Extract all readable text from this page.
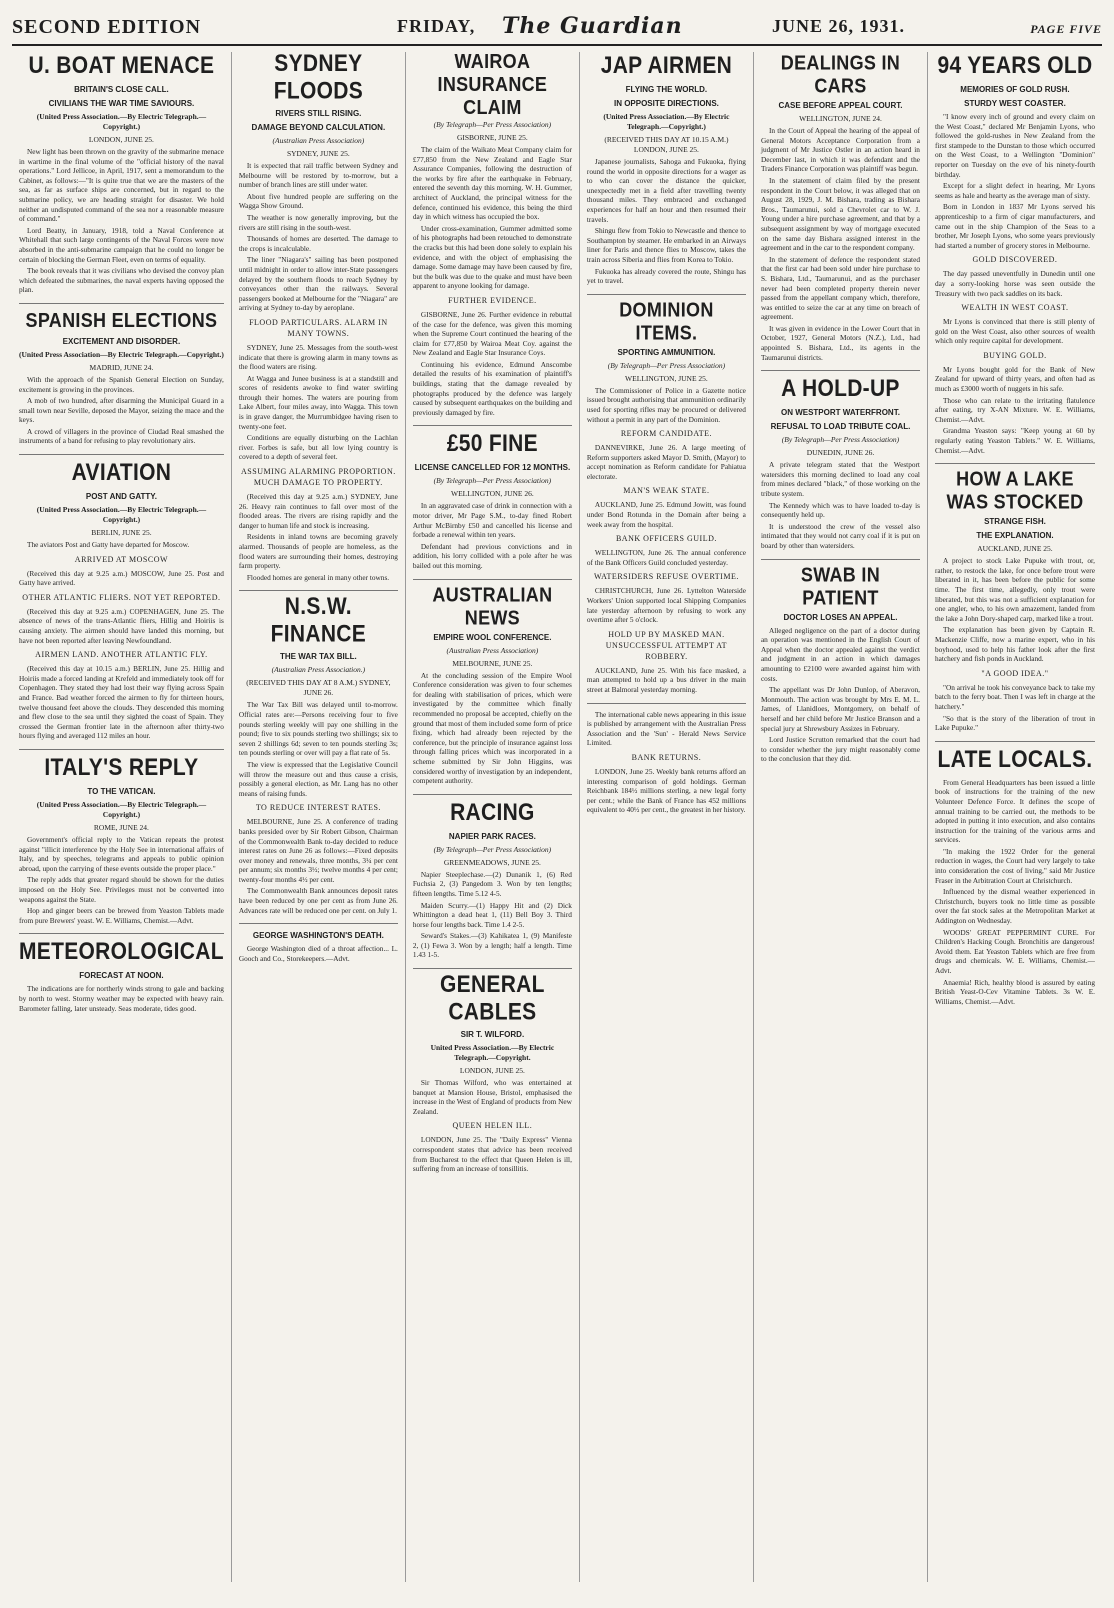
SECOND EDITION	FRIDAY, The Guardian	JUNE 26, 1931.	PAGE FIVE
U. BOAT MENACE
BRITAIN'S CLOSE CALL.
CIVILIANS THE WAR TIME SAVIOURS.
(United Press Association.—By Electric Telegraph.—Copyright.)
LONDON, JUNE 25.
New light has been thrown on the gravity of the submarine menace in wartime in the final volume of the "official history of the naval operations." Lord Jellicoe, in April, 1917, sent a memorandum to the Cabinet, as follows:—"It is quite true that we are the masters of the sea, as far as surface ships are concerned, but in regard to the submarine policy, we are heading straight for disaster. We hold neither an undisputed command of the sea nor a reasonable measure of command."
Lord Beatty, in January, 1918, told a Naval Conference at Whitehall that such large contingents of the Naval Forces were now absorbed in the anti-submarine campaign that he could no longer be certain of blocking the German Fleet, even on terms of equality.
The book reveals that it was civilians who devised the convoy plan which defeated the submarines, the naval experts having opposed the plan.
SPANISH ELECTIONS
EXCITEMENT AND DISORDER.
(United Press Association—By Electric Telegraph.—Copyright.)
MADRID, JUNE 24.
With the approach of the Spanish General Election on Sunday, excitement is growing in the provinces.
A mob of two hundred, after disarming the Municipal Guard in a small town near Seville, deposed the Mayor, seizing the mace and the keys.
A crowd of villagers in the province of Ciudad Real smashed the instruments of a band for refusing to play revolutionary airs.
AVIATION
POST AND GATTY.
(United Press Association.—By Electric Telegraph.—Copyright.)
BERLIN, JUNE 25.
The aviators Post and Gatty have departed for Moscow.
ARRIVED AT MOSCOW
(Received this day at 9.25 a.m.) MOSCOW, June 25. Post and Gatty have arrived.
OTHER ATLANTIC FLIERS. NOT YET REPORTED.
(Received this day at 9.25 a.m.) COPENHAGEN, June 25. The absence of news of the trans-Atlantic fliers, Hillig and Hoiriis is causing anxiety. The airmen should have landed this morning, but have not been reported after leaving Newfoundland.
AIRMEN LAND. ANOTHER ATLANTIC FLY.
(Received this day at 10.15 a.m.) BERLIN, June 25. Hillig and Hoiriis made a forced landing at Krefeld and immediately took off for Copenhagen. They stated they had lost their way flying across Spain and France. Bad weather forced the airmen to fly for thirteen hours, twelve thousand feet above the clouds. They descended this morning and flew close to the sea until they sighted the coast of Spain. They crossed the German frontier late in the afternoon after thirty-two hours flying and averaged 112 miles an hour.
ITALY'S REPLY
TO THE VATICAN.
(United Press Association.—By Electric Telegraph.—Copyright.)
ROME, JUNE 24.
Government's official reply to the Vatican repeats the protest against "illicit interference by the Holy See in international affairs of Italy, and by speeches, telegrams and appeals to public opinion abroad, upon the carrying of these events outside the proper place."
The reply adds that greater regard should be shown for the duties imposed on the Holy See. Privileges must not be converted into weapons against the State.
Hop and ginger beers can be brewed from Yeaston Tablets made from pure Brewers' yeast. W. E. Williams, Chemist.—Advt.
METEOROLOGICAL
FORECAST AT NOON.
The indications are for northerly winds strong to gale and backing by north to west. Stormy weather may be expected with heavy rain. Barometer falling, later unsteady. Seas moderate, tides good.
SYDNEY FLOODS
RIVERS STILL RISING.
DAMAGE BEYOND CALCULATION.
(Australian Press Association)
SYDNEY, JUNE 25.
It is expected that rail traffic between Sydney and Melbourne will be restored by to-morrow, but a number of branch lines are still under water.
About five hundred people are suffering on the Wagga Show Ground.
The weather is now generally improving, but the rivers are still rising in the south-west.
Thousands of homes are deserted. The damage to the crops is incalculable.
The liner "Niagara's" sailing has been postponed until midnight in order to allow inter-State passengers delayed by the southern floods to reach Sydney by conveyances other than the railways. Several passengers booked at Melbourne for the "Niagara" are arriving at Sydney to-day by aeroplane.
FLOOD PARTICULARS. ALARM IN MANY TOWNS.
SYDNEY, June 25. Messages from the south-west indicate that there is growing alarm in many towns as the flood waters are rising.
At Wagga and Junee business is at a standstill and scores of residents awoke to find water swirling through their homes. The waters are pouring from Lake Albert, four miles away, into Wagga. This town is in grave danger, the Murrumbidgee having risen to twenty-one feet.
Conditions are equally disturbing on the Lachlan river. Forbes is safe, but all low lying country is covered to a depth of several feet.
ASSUMING ALARMING PROPORTION. MUCH DAMAGE TO PROPERTY.
(Received this day at 9.25 a.m.) SYDNEY, June 26. Heavy rain continues to fall over most of the flooded areas. The rivers are rising rapidly and the danger to human life and stock is increasing.
Residents in inland towns are becoming gravely alarmed. Thousands of people are homeless, as the flood waters are surrounding their homes, destroying farm property.
Flooded homes are general in many other towns.
N.S.W. FINANCE
THE WAR TAX BILL.
(Australian Press Association.)
(RECEIVED THIS DAY AT 8 A.M.) SYDNEY, JUNE 26.
The War Tax Bill was delayed until to-morrow. Official rates are:—Persons receiving four to five pounds sterling weekly will pay one shilling in the pound; five to six pounds sterling two shillings; six to seven 2 shillings 6d; seven to ten pounds sterling 3s; ten pounds sterling or over will pay a flat rate of 5s.
The view is expressed that the Legislative Council will throw the measure out and thus cause a crisis, possibly a general election, as Mr. Lang has no other means of raising funds.
TO REDUCE INTEREST RATES.
MELBOURNE, June 25. A conference of trading banks presided over by Sir Robert Gibson, Chairman of the Commonwealth Bank to-day decided to reduce interest rates on June 26 as follows:—Fixed deposits over money and renewals, three months, 3¼ per cent per annum; six months 3½; twelve months 4 per cent; twenty-four months 4½ per cent.
The Commonwealth Bank announces deposit rates have been reduced by one per cent as from June 26. Advances rate will be reduced one per cent. on July 1.
GEORGE WASHINGTON'S DEATH.
George Washington died of a throat affection... L. Gooch and Co., Storekeepers.—Advt.
WAIROA INSURANCE CLAIM
(By Telegraph—Per Press Association)
GISBORNE, JUNE 25.
The claim of the Waikato Meat Company claim for £77,850 from the New Zealand and Eagle Star Assurance Companies, following the destruction of the works by fire after the earthquake in February, entered the seventh day this morning. W. H. Gummer, architect of Auckland, the principal witness for the defence, continued his evidence, this being the third day in which witness has occupied the box.
Under cross-examination, Gummer admitted some of his photographs had been retouched to demonstrate the cracks but this had been done solely to explain his evidence, and with the object of emphasising the damage. Some damage may have been caused by fire, but the bulk was due to the quake and must have been apparent to anyone looking for damage.
FURTHER EVIDENCE.
GISBORNE, June 26. Further evidence in rebuttal of the case for the defence, was given this morning when the Supreme Court continued the hearing of the claim for £77,850 by Wairoa Meat Coy. against the New Zealand and Eagle Star Insurance Coys.
Continuing his evidence, Edmund Anscombe detailed the results of his examination of plaintiff's buildings, stating that the damage revealed by photographs produced by the defence was largely caused by subsequent earthquakes on the building and previously damaged by fire.
£50 FINE
LICENSE CANCELLED FOR 12 MONTHS.
(By Telegraph—Per Press Association)
WELLINGTON, JUNE 26.
In an aggravated case of drink in connection with a motor driver, Mr Page S.M., to-day fined Robert Arthur McBirnby £50 and cancelled his license and forbade a renewal within ten years.
Defendant had previous convictions and in addition, his lorry collided with a pole after he was bailed out this morning.
AUSTRALIAN NEWS
EMPIRE WOOL CONFERENCE.
(Australian Press Association)
MELBOURNE, JUNE 25.
At the concluding session of the Empire Wool Conference consideration was given to four schemes for dealing with stabilisation of prices, which were investigated by the committee which finally recommended no proposal be accepted, chiefly on the ground that most of them included some form of price fixing, which had already been rejected by the conference, but the principle of insurance against loss through falling prices which was incorporated in a scheme submitted by Sir John Higgins, was considered worthy of investigation by an independent, competent authority.
RACING
NAPIER PARK RACES.
(By Telegraph—Per Press Association)
GREENMEADOWS, JUNE 25.
Napier Steeplechase.—(2) Dunanik 1, (6) Red Fuchsia 2, (3) Pangedom 3. Won by ten lengths; fifteen lengths. Time 5.12 4-5.
Maiden Scurry.—(1) Happy Hit and (2) Dick Whittington a dead heat 1, (11) Bell Boy 3. Third horse four lengths back. Time 1.4 2-5.
Seward's Stakes.—(3) Kahikatea 1, (9) Manifeste 2, (1) Fewa 3. Won by a length; half a length. Time 1.43 1-5.
GENERAL CABLES
SIR T. WILFORD.
United Press Association.—By Electric Telegraph.—Copyright.
LONDON, JUNE 25.
Sir Thomas Wilford, who was entertained at banquet at Mansion House, Bristol, emphasised the increase in the West of England of products from New Zealand.
QUEEN HELEN ILL.
LONDON, June 25. The "Daily Express" Vienna correspondent states that advice has been received from Bucharest to the effect that Queen Helen is ill, suffering from an increase of tonsillitis.
JAP AIRMEN
FLYING THE WORLD.
IN OPPOSITE DIRECTIONS.
(United Press Association.—By Electric Telegraph.—Copyright.)
(RECEIVED THIS DAY AT 10.15 A.M.) LONDON, JUNE 25.
Japanese journalists, Sahoga and Fukuoka, flying round the world in opposite directions for a wager as to who can cover the distance the quicker, unexpectedly met in a field after travelling twenty thousand miles. They embraced and exchanged experiences for half an hour and then resumed their travels.
Shingu flew from Tokio to Newcastle and thence to Southampton by steamer. He embarked in an Airways liner for Paris and thence flies to Moscow, takes the train across Siberia and flies from Korea to Tokio.
Fukuoka has already covered the route, Shingu has yet to travel.
DOMINION ITEMS.
SPORTING AMMUNITION.
(By Telegraph—Per Press Association)
WELLINGTON, JUNE 25.
The Commissioner of Police in a Gazette notice issued brought authorising that ammunition ordinarily used for sporting rifles may be procured or delivered without a permit in any part of the Dominion.
REFORM CANDIDATE.
DANNEVIRKE, June 26. A large meeting of Reform supporters asked Mayor D. Smith, (Mayor) to accept nomination as Reform candidate for Pahiatua electorate.
MAN'S WEAK STATE.
AUCKLAND, June 25. Edmund Jowitt, was found under Bond Rotunda in the Domain after being a week away from the hospital.
BANK OFFICERS GUILD.
WELLINGTON, June 26. The annual conference of the Bank Officers Guild concluded yesterday.
WATERSIDERS REFUSE OVERTIME.
CHRISTCHURCH, June 26. Lyttelton Waterside Workers' Union supported local Shipping Companies late yesterday afternoon by refusing to work any overtime after 5 o'clock.
HOLD UP BY MASKED MAN. UNSUCCESSFUL ATTEMPT AT ROBBERY.
AUCKLAND, June 25. With his face masked, a man attempted to hold up a bus driver in the main street at Balmoral yesterday morning.
The international cable news appearing in this issue is published by arrangement with the Australian Press Association and the 'Sun' - Herald News Service Limited.
BANK RETURNS.
LONDON, June 25. Weekly bank returns afford an interesting comparison of gold holdings. German Reichbank 184½ millions sterling, a new legal forty per cent.; while the Bank of France has 452 millions equivalent to 40½ per cent., the greatest in her history.
DEALINGS IN CARS
CASE BEFORE APPEAL COURT.
WELLINGTON, JUNE 24.
In the Court of Appeal the hearing of the appeal of General Motors Acceptance Corporation from a judgment of Mr Justice Ostler in an action heard in December last, in which it was defendant and the Traders Finance Corporation was plaintiff was begun.
In the statement of claim filed by the present respondent in the Court below, it was alleged that on August 28, 1929, J. M. Bishara, trading as Bishara Bros., Taumarunui, sold a Chevrolet car to W. J. Young under a hire purchase agreement, and that by a subsequent assignment by way of mortgage executed on the same day Bishara assigned interest in the agreement and in the car to the respondent company.
In the statement of defence the respondent stated that the first car had been sold under hire purchase to S. Bishara, Ltd., Taumarunui, and as the purchaser never had been completed property therein never passed from the appellant company which, therefore, was entitled to seize the car at any time on breach of agreement.
It was given in evidence in the Lower Court that in October, 1927, General Motors (N.Z.), Ltd., had appointed S. Bishara, Ltd., its agents in the Taumarunui districts.
A HOLD-UP
ON WESTPORT WATERFRONT.
REFUSAL TO LOAD TRIBUTE COAL.
(By Telegraph—Per Press Association)
DUNEDIN, JUNE 26.
A private telegram stated that the Westport watersiders this morning declined to load any coal from mines declared "black," of those working on the tribute system.
The Kennedy which was to have loaded to-day is consequently held up.
It is understood the crew of the vessel also intimated that they would not carry coal if it is put on board by other than watersiders.
SWAB IN PATIENT
DOCTOR LOSES AN APPEAL.
Alleged negligence on the part of a doctor during an operation was mentioned in the English Court of Appeal when the doctor appealed against the verdict and judgment in an action in which damages amounting to £2100 were awarded against him with costs.
The appellant was Dr John Dunlop, of Aberavon, Monmouth. The action was brought by Mrs E. M. L. James, of Llanidloes, Montgomery, on behalf of herself and her child before Mr Justice Branson and a special jury at Shrewsbury Assizes in February.
Lord Justice Scrutton remarked that the court had to consider whether the jury might reasonably come to the conclusion that they did.
94 YEARS OLD
MEMORIES OF GOLD RUSH.
STURDY WEST COASTER.
"I know every inch of ground and every claim on the West Coast," declared Mr Benjamin Lyons, who followed the gold-rushes in New Zealand from the first stampede to the Dunstan to those which occurred on the West Coast, to a Wellington "Dominion" reporter on Tuesday on the eve of his ninety-fourth birthday.
Except for a slight defect in hearing, Mr Lyons seems as hale and hearty as the average man of sixty.
Born in London in 1837 Mr Lyons served his apprenticeship to a firm of cigar manufacturers, and came out in the ship Champion of the Seas to a brother, Mr Joseph Lyons, who some years previously had started a number of grocery stores in Melbourne.
GOLD DISCOVERED.
The day passed uneventfully in Dunedin until one day a sorry-looking horse was seen outside the Treasury with two pack saddles on its back.
WEALTH IN WEST COAST.
Mr Lyons is convinced that there is still plenty of gold on the West Coast, also other sources of wealth which only require capital for development.
BUYING GOLD.
Mr Lyons bought gold for the Bank of New Zealand for upward of thirty years, and often had as much as £3000 worth of nuggets in his safe.
Those who can relate to the irritating flatulence after eating, try X-AN Mixture. W. E. Williams, Chemist.—Advt.
Grandma Yeaston says: "Keep young at 60 by regularly eating Yeaston Tablets." W. E. Williams, Chemist.—Advt.
HOW A LAKE WAS STOCKED
STRANGE FISH.
THE EXPLANATION.
AUCKLAND, JUNE 25.
A project to stock Lake Pupuke with trout, or, rather, to restock the lake, for once before trout were liberated in it, has been before the public for some time. The first time, allegedly, only trout were liberated, but this was not a sufficient explanation for one angler, who, to his own amazement, landed from the lake a John Dory-shaped carp, marked like a trout.
The explanation has been given by Captain R. Mackenzie Cliffe, now a marine expert, who in his boyhood, used to help his father look after the first hatchery and fish ponds in Auckland.
"A GOOD IDEA."
"On arrival he took his conveyance back to take my batch to the ferry boat. Then I was left in charge at the hatchery."
"So that is the story of the liberation of trout in Lake Pupuke."
LATE LOCALS.
From General Headquarters has been issued a little book of instructions for the training of the new Volunteer Defence Force. It defines the scope of annual training to be carried out, the methods to be adopted in putting it into execution, and also contains instruction for the training of the various arms and services.
"In making the 1922 Order for the general reduction in wages, the Court had very largely to take into consideration the cost of living," said Mr Justice Fraser in the Arbitration Court at Christchurch.
Influenced by the dismal weather experienced in Christchurch, buyers took no little time as possible over the fat stock sales at the Metropolitan Market at Addington on Wednesday.
WOODS' GREAT PEPPERMINT CURE. For Children's Hacking Cough. Bronchitis are dangerous! Avoid them. Eat Yeaston Tablets which are free from drugs and chemicals. W. E. Williams, Chemist.—Advt.
Anaemia! Rich, healthy blood is assured by eating British Yeast-O-Cev Vitamine Tablets. 3s W. E. Williams, Chemist.—Advt.
